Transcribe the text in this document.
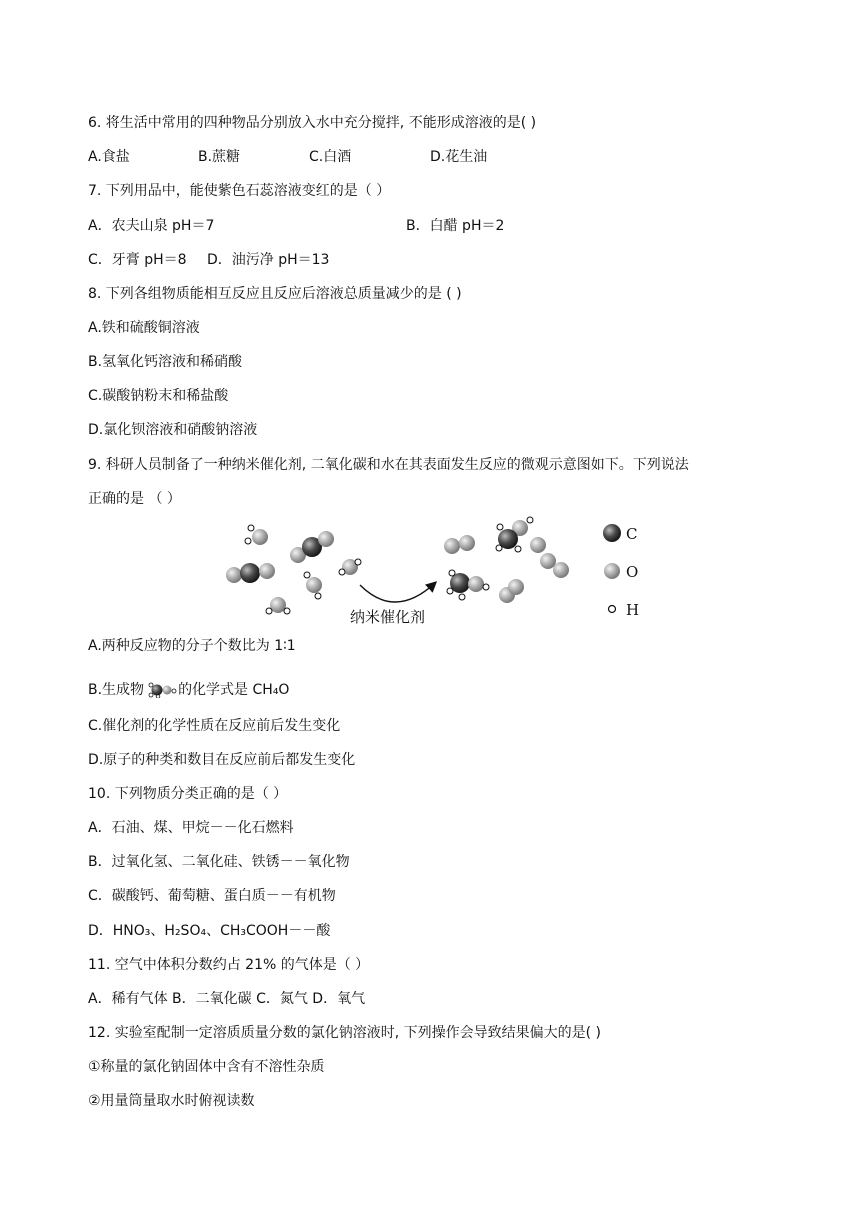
6. 将生活中常用的四种物品分别放入水中充分搅拌, 不能形成溶液的是( )
A.食盐	B.蔗糖	C.白酒	D.花生油
7. 下列用品中，能使紫色石蕊溶液变红的是（ ）
A．农夫山泉 pH＝7	B．白醋 pH＝2
C．牙膏 pH＝8 D．油污净 pH＝13
8. 下列各组物质能相互反应且反应后溶液总质量减少的是 ( )
A.铁和硫酸铜溶液
B.氢氧化钙溶液和稀硝酸
C.碳酸钠粉末和稀盐酸
D.氯化钡溶液和硝酸钠溶液
9. 科研人员制备了一种纳米催化剂, 二氧化碳和水在其表面发生反应的微观示意图如下。下列说法
正确的是 （ ）
纳米催化剂
C
O
H
A.两种反应物的分子个数比为 1∶1
B.生成物 的化学式是 CH₄O
C.催化剂的化学性质在反应前后发生变化
D.原子的种类和数目在反应前后都发生变化
10. 下列物质分类正确的是（ ）
A．石油、煤、甲烷－－化石燃料
B．过氧化氢、二氧化硅、铁锈－－氧化物
C．碳酸钙、葡萄糖、蛋白质－－有机物
D．HNO₃、H₂SO₄、CH₃COOH－－酸
11. 空气中体积分数约占 21% 的气体是（ ）
A．稀有气体 B．二氧化碳 C．氮气 D．氧气
12. 实验室配制一定溶质质量分数的氯化钠溶液时, 下列操作会导致结果偏大的是( )
①称量的氯化钠固体中含有不溶性杂质
②用量筒量取水时俯视读数
